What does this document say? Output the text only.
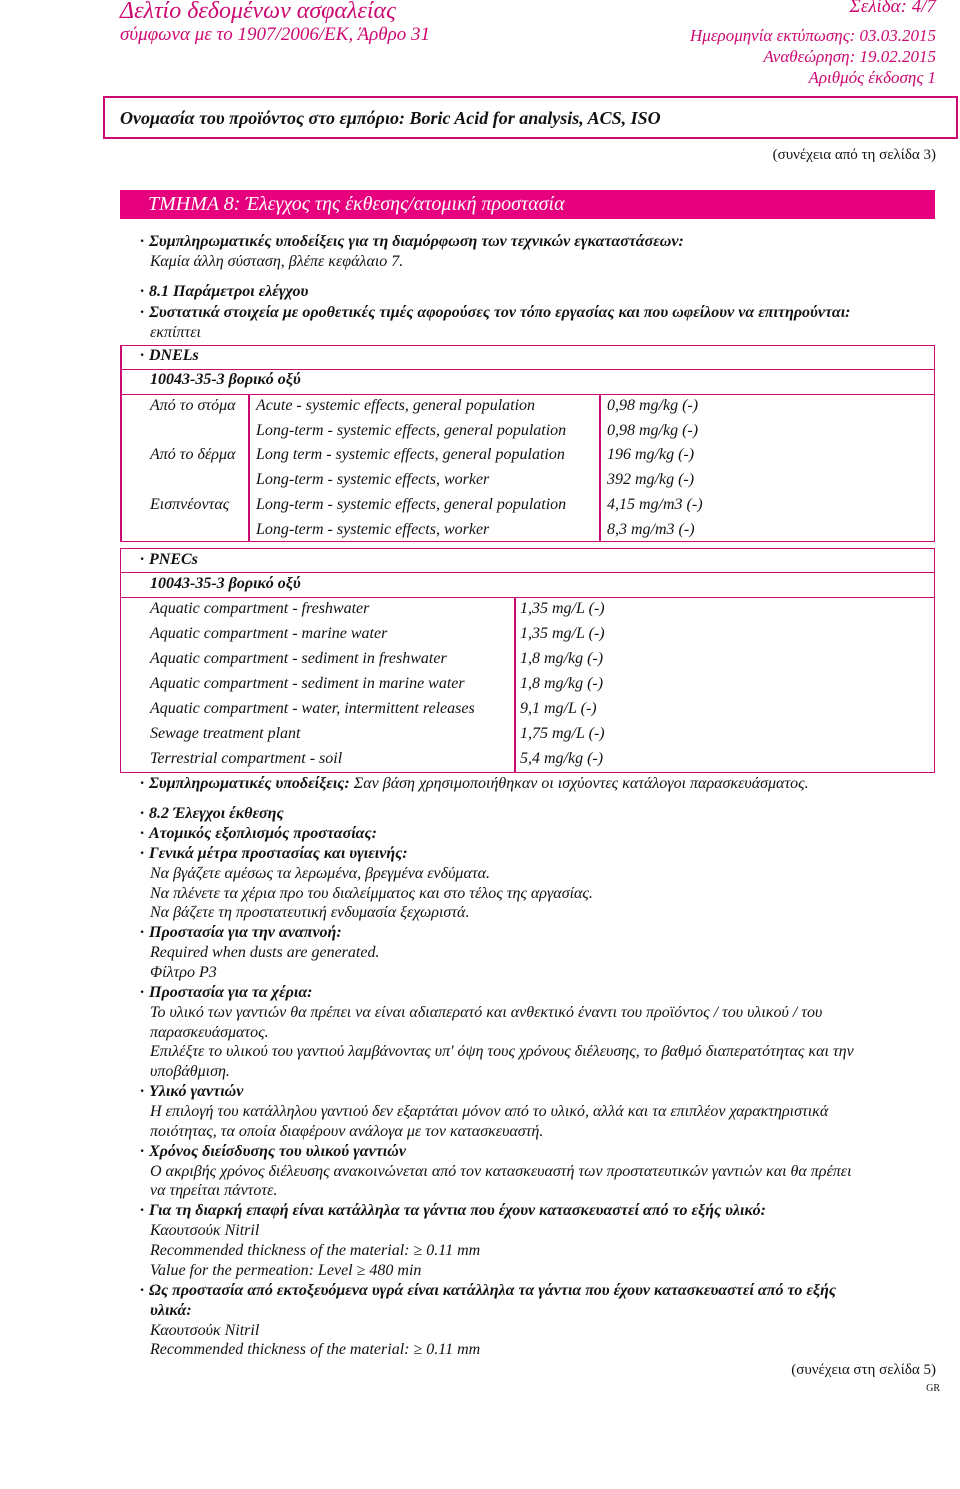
Δελτίο δεδομένων ασφαλείας
σύμφωνα με το 1907/2006/ΕΚ, Άρθρο 31
Σελίδα: 4/7
Ημερομηνία εκτύπωσης: 03.03.2015
Αναθεώρηση: 19.02.2015
Αριθμός έκδοσης 1
Ονομασία του προϊόντος στο εμπόριο: Boric Acid for analysis, ACS, ISO
(συνέχεια από τη σελίδα 3)
ΤΜΗΜΑ 8: Έλεγχος της έκθεσης/ατομική προστασία
· Συμπληρωματικές υποδείξεις για τη διαμόρφωση των τεχνικών εγκαταστάσεων:
Καμία άλλη σύσταση, βλέπε κεφάλαιο 7.
· 8.1 Παράμετροι ελέγχου
· Συστατικά στοιχεία με οροθετικές τιμές αφορούσες τον τόπο εργασίας και που ωφείλουν να επιτηρούνται:
εκπίπτει
· DNELs
10043-35-3 βορικό οξύ
Από το στόμα Acute - systemic effects, general population	0,98 mg/kg (-)
Long-term - systemic effects, general population	0,98 mg/kg (-)
Από το δέρμα Long term - systemic effects, general population	196 mg/kg (-)
Long-term - systemic effects, worker	392 mg/kg (-)
Εισπνέοντας Long-term - systemic effects, general population	4,15 mg/m3 (-)
Long-term - systemic effects, worker	8,3 mg/m3 (-)
· PNECs
10043-35-3 βορικό οξύ
Aquatic compartment - freshwater	1,35 mg/L (-)
Aquatic compartment - marine water	1,35 mg/L (-)
Aquatic compartment - sediment in freshwater	1,8 mg/kg (-)
Aquatic compartment - sediment in marine water	1,8 mg/kg (-)
Aquatic compartment - water, intermittent releases	9,1 mg/L (-)
Sewage treatment plant	1,75 mg/L (-)
Terrestrial compartment - soil	5,4 mg/kg (-)
· Συμπληρωματικές υποδείξεις: Σαν βάση χρησιμοποιήθηκαν οι ισχύοντες κατάλογοι παρασκευάσματος.
· 8.2 Έλεγχοι έκθεσης
· Ατομικός εξοπλισμός προστασίας:
· Γενικά μέτρα προστασίας και υγιεινής:
Να βγάζετε αμέσως τα λερωμένα, βρεγμένα ενδύματα.
Να πλένετε τα χέρια προ του διαλείμματος και στο τέλος της αργασίας.
Να βάζετε τη προστατευτική ενδυμασία ξεχωριστά.
· Προστασία για την αναπνοή:
Required when dusts are generated.
Φίλτρο P3
· Προστασία για τα χέρια:
Το υλικό των γαντιών θα πρέπει να είναι αδιαπερατό και ανθεκτικό έναντι του προϊόντος / του υλικού / του
παρασκευάσματος.
Επιλέξτε το υλικού του γαντιού λαμβάνοντας υπ' όψη τους χρόνους διέλευσης, το βαθμό διαπερατότητας και την
υποβάθμιση.
· Υλικό γαντιών
Η επιλογή του κατάλληλου γαντιού δεν εξαρτάται μόνον από το υλικό, αλλά και τα επιπλέον χαρακτηριστικά
ποιότητας, τα οποία διαφέρουν ανάλογα με τον κατασκευαστή.
· Χρόνος διείσδυσης του υλικού γαντιών
Ο ακριβής χρόνος διέλευσης ανακοινώνεται από τον κατασκευαστή των προστατευτικών γαντιών και θα πρέπει
να τηρείται πάντοτε.
· Για τη διαρκή επαφή είναι κατάλληλα τα γάντια που έχουν κατασκευαστεί από το εξής υλικό:
Καουτσούκ Nitril
Recommended thickness of the material: ≥ 0.11 mm
Value for the permeation: Level ≥ 480 min
· Ως προστασία από εκτοξευόμενα υγρά είναι κατάλληλα τα γάντια που έχουν κατασκευαστεί από το εξής
υλικά:
Καουτσούκ Nitril
Recommended thickness of the material: ≥ 0.11 mm
(συνέχεια στη σελίδα 5)
GR
